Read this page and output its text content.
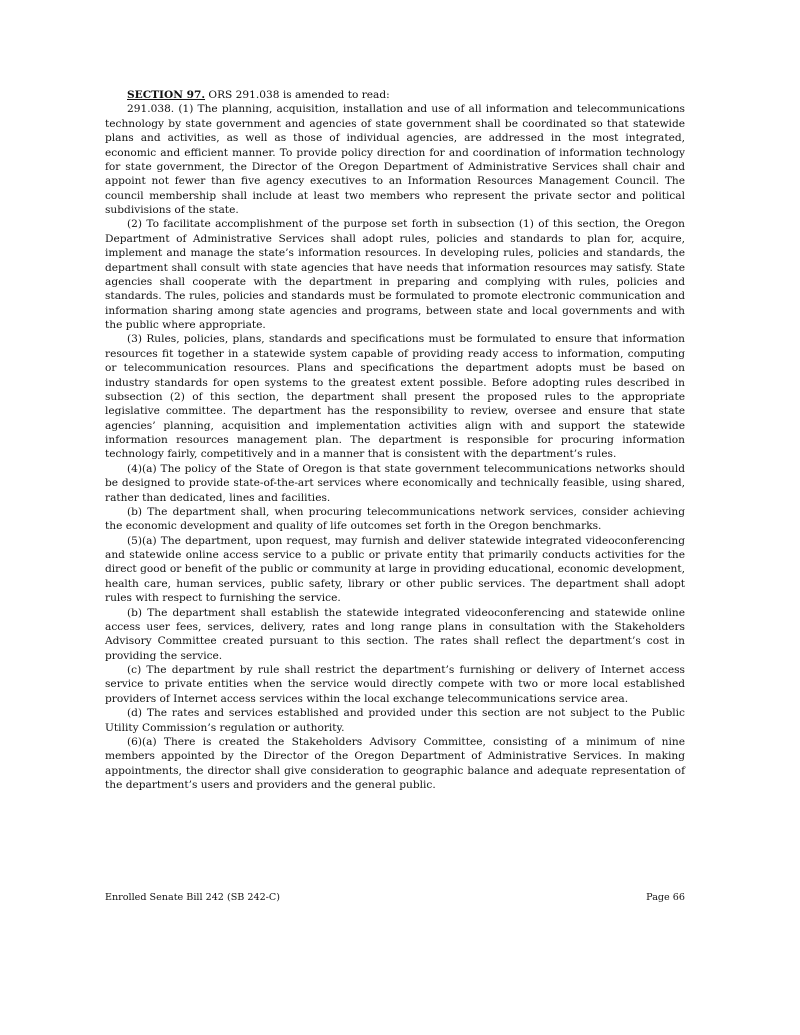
SECTION 97. ORS 291.038 is amended to read:

291.038. (1) The planning, acquisition, installation and use of all information and telecommunications technology by state government and agencies of state government shall be coordinated so that statewide plans and activities, as well as those of individual agencies, are addressed in the most integrated, economic and efficient manner. To provide policy direction for and coordination of information technology for state government, the Director of the Oregon Department of Administrative Services shall chair and appoint not fewer than five agency executives to an Information Resources Management Council. The council membership shall include at least two members who represent the private sector and political subdivisions of the state.

(2) To facilitate accomplishment of the purpose set forth in subsection (1) of this section, the Oregon Department of Administrative Services shall adopt rules, policies and standards to plan for, acquire, implement and manage the state’s information resources. In developing rules, policies and standards, the department shall consult with state agencies that have needs that information resources may satisfy. State agencies shall cooperate with the department in preparing and complying with rules, policies and standards. The rules, policies and standards must be formulated to promote electronic communication and information sharing among state agencies and programs, between state and local governments and with the public where appropriate.

(3) Rules, policies, plans, standards and specifications must be formulated to ensure that information resources fit together in a statewide system capable of providing ready access to information, computing or telecommunication resources. Plans and specifications the department adopts must be based on industry standards for open systems to the greatest extent possible. Before adopting rules described in subsection (2) of this section, the department shall present the proposed rules to the appropriate legislative committee. The department has the responsibility to review, oversee and ensure that state agencies’ planning, acquisition and implementation activities align with and support the statewide information resources management plan. The department is responsible for procuring information technology fairly, competitively and in a manner that is consistent with the department’s rules.

(4)(a) The policy of the State of Oregon is that state government telecommunications networks should be designed to provide state-of-the-art services where economically and technically feasible, using shared, rather than dedicated, lines and facilities.

(b) The department shall, when procuring telecommunications network services, consider achieving the economic development and quality of life outcomes set forth in the Oregon benchmarks.

(5)(a) The department, upon request, may furnish and deliver statewide integrated videoconferencing and statewide online access service to a public or private entity that primarily conducts activities for the direct good or benefit of the public or community at large in providing educational, economic development, health care, human services, public safety, library or other public services. The department shall adopt rules with respect to furnishing the service.

(b) The department shall establish the statewide integrated videoconferencing and statewide online access user fees, services, delivery, rates and long range plans in consultation with the Stakeholders Advisory Committee created pursuant to this section. The rates shall reflect the department’s cost in providing the service.

(c) The department by rule shall restrict the department’s furnishing or delivery of Internet access service to private entities when the service would directly compete with two or more local established providers of Internet access services within the local exchange telecommunications service area.

(d) The rates and services established and provided under this section are not subject to the Public Utility Commission’s regulation or authority.

(6)(a) There is created the Stakeholders Advisory Committee, consisting of a minimum of nine members appointed by the Director of the Oregon Department of Administrative Services. In making appointments, the director shall give consideration to geographic balance and adequate representation of the department’s users and providers and the general public.

Enrolled Senate Bill 242 (SB 242-C)	Page 66
